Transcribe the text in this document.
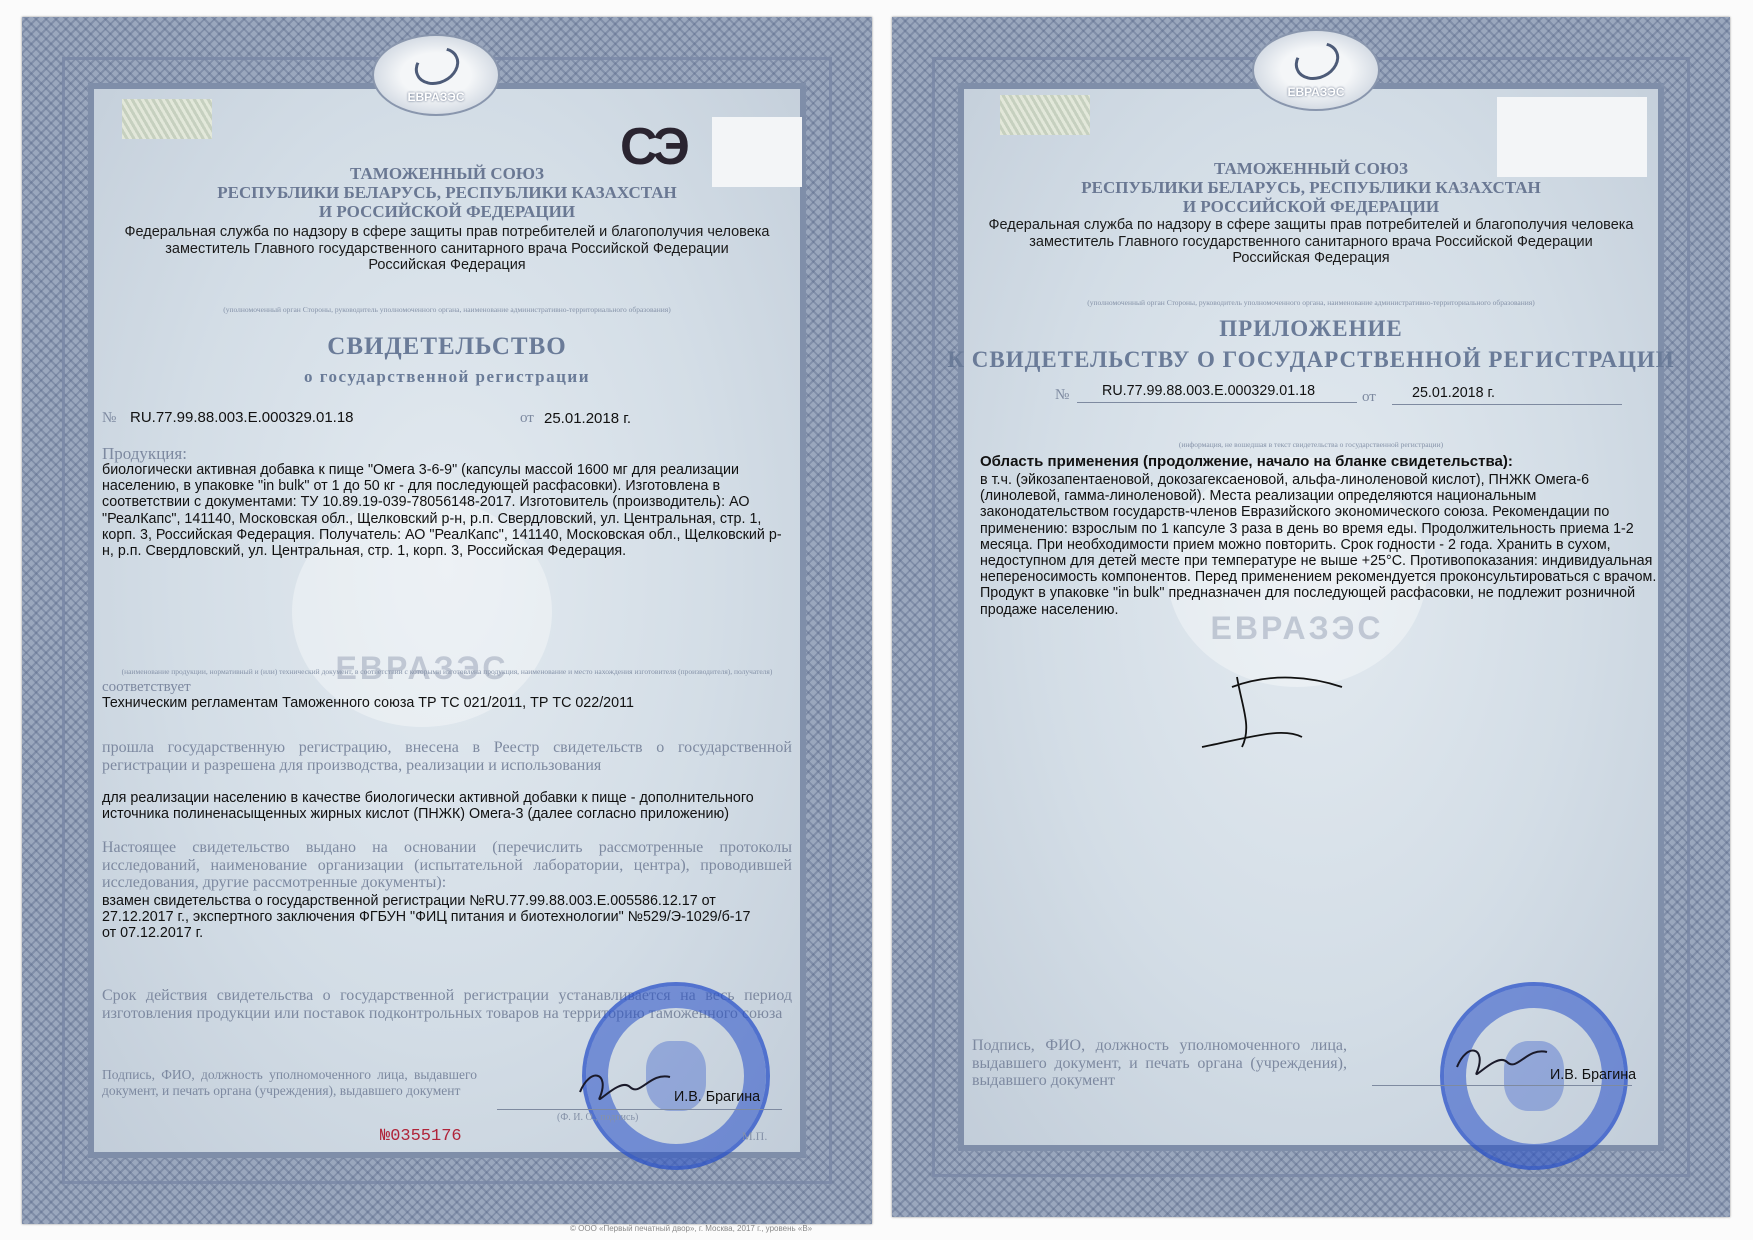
СЭ
ЕВРАЗЭС
ЕВРАЗЭС
ТАМОЖЕННЫЙ СОЮЗ
РЕСПУБЛИКИ БЕЛАРУСЬ, РЕСПУБЛИКИ КАЗАХСТАН
И РОССИЙСКОЙ ФЕДЕРАЦИИ
Федеральная служба по надзору в сфере защиты прав потребителей и благополучия человека
заместитель Главного государственного санитарного врача Российской Федерации
Российская Федерация
(уполномоченный орган Стороны, руководитель уполномоченного органа, наименование административно-территориального образования)
СВИДЕТЕЛЬСТВО
о государственной регистрации
№ RU.77.99.88.003.Е.000329.01.18	от 25.01.2018 г.
Продукция:
биологически активная добавка к пище "Омега 3-6-9" (капсулы массой 1600 мг для реализации населению, в упаковке "in bulk" от 1 до 50 кг - для последующей расфасовки). Изготовлена в соответствии с документами: ТУ 10.89.19-039-78056148-2017. Изготовитель (производитель): АО "РеалКапс", 141140, Московская обл., Щелковский р-н, р.п. Свердловский, ул. Центральная, стр. 1, корп. 3, Российская Федерация. Получатель: АО "РеалКапс", 141140, Московская обл., Щелковский р-н, р.п. Свердловский, ул. Центральная, стр. 1, корп. 3, Российская Федерация.
(наименование продукции, нормативный и (или) технический документ, в соответствии с которыми изготовлена продукция, наименование и место нахождения изготовителя (производителя), получателя)
соответствует
Техническим регламентам Таможенного союза ТР ТС 021/2011, ТР ТС 022/2011
прошла государственную регистрацию, внесена в Реестр свидетельств о государственной регистрации и разрешена для производства, реализации и использования
для реализации населению в качестве биологически активной добавки к пище - дополнительного источника полиненасыщенных жирных кислот (ПНЖК) Омега-3 (далее согласно приложению)
Настоящее свидетельство выдано на основании (перечислить рассмотренные протоколы исследований, наименование организации (испытательной лаборатории, центра), проводившей исследования, другие рассмотренные документы):
взамен свидетельства о государственной регистрации №RU.77.99.88.003.Е.005586.12.17 от 27.12.2017 г., экспертного заключения ФГБУН "ФИЦ питания и биотехнологии" №529/Э-1029/б-17 от 07.12.2017 г.
Срок действия свидетельства о государственной регистрации устанавливается на весь период изготовления продукции или поставок подконтрольных товаров на территорию таможенного союза
Подпись, ФИО, должность уполномоченного лица, выдавшего документ, и печать органа (учреждения), выдавшего документ	И.В. Брагина
(Ф. И. О., подпись)
М.П.
№0355176
ЕВРАЗЭС
ЕВРАЗЭС
ТАМОЖЕННЫЙ СОЮЗ
РЕСПУБЛИКИ БЕЛАРУСЬ, РЕСПУБЛИКИ КАЗАХСТАН
И РОССИЙСКОЙ ФЕДЕРАЦИИ
Федеральная служба по надзору в сфере защиты прав потребителей и благополучия человека
заместитель Главного государственного санитарного врача Российской Федерации
Российская Федерация
(уполномоченный орган Стороны, руководитель уполномоченного органа, наименование административно-территориального образования)
ПРИЛОЖЕНИЕ
К СВИДЕТЕЛЬСТВУ О ГОСУДАРСТВЕННОЙ РЕГИСТРАЦИИ
№ RU.77.99.88.003.Е.000329.01.18	от	25.01.2018 г.
(информация, не вошедшая в текст свидетельства о государственной регистрации)
Область применения (продолжение, начало на бланке свидетельства):
в т.ч. (эйкозапентаеновой, докозагексаеновой, альфа-линоленовой кислот), ПНЖК Омега-6 (линолевой, гамма-линоленовой). Места реализации определяются национальным законодательством государств-членов Евразийского экономического союза. Рекомендации по применению: взрослым по 1 капсуле 3 раза в день во время еды. Продолжительность приема 1-2 месяца. При необходимости прием можно повторить. Срок годности - 2 года. Хранить в сухом, недоступном для детей месте при температуре не выше +25°С. Противопоказания: индивидуальная непереносимость компонентов. Перед применением рекомендуется проконсультироваться с врачом. Продукт в упаковке "in bulk" предназначен для последующей расфасовки, не подлежит розничной продаже населению.
Подпись, ФИО, должность уполномоченного лица, выдавшего документ, и печать органа (учреждения), выдавшего документ	И.В. Брагина
© ООО «Первый печатный двор», г. Москва, 2017 г., уровень «В»
